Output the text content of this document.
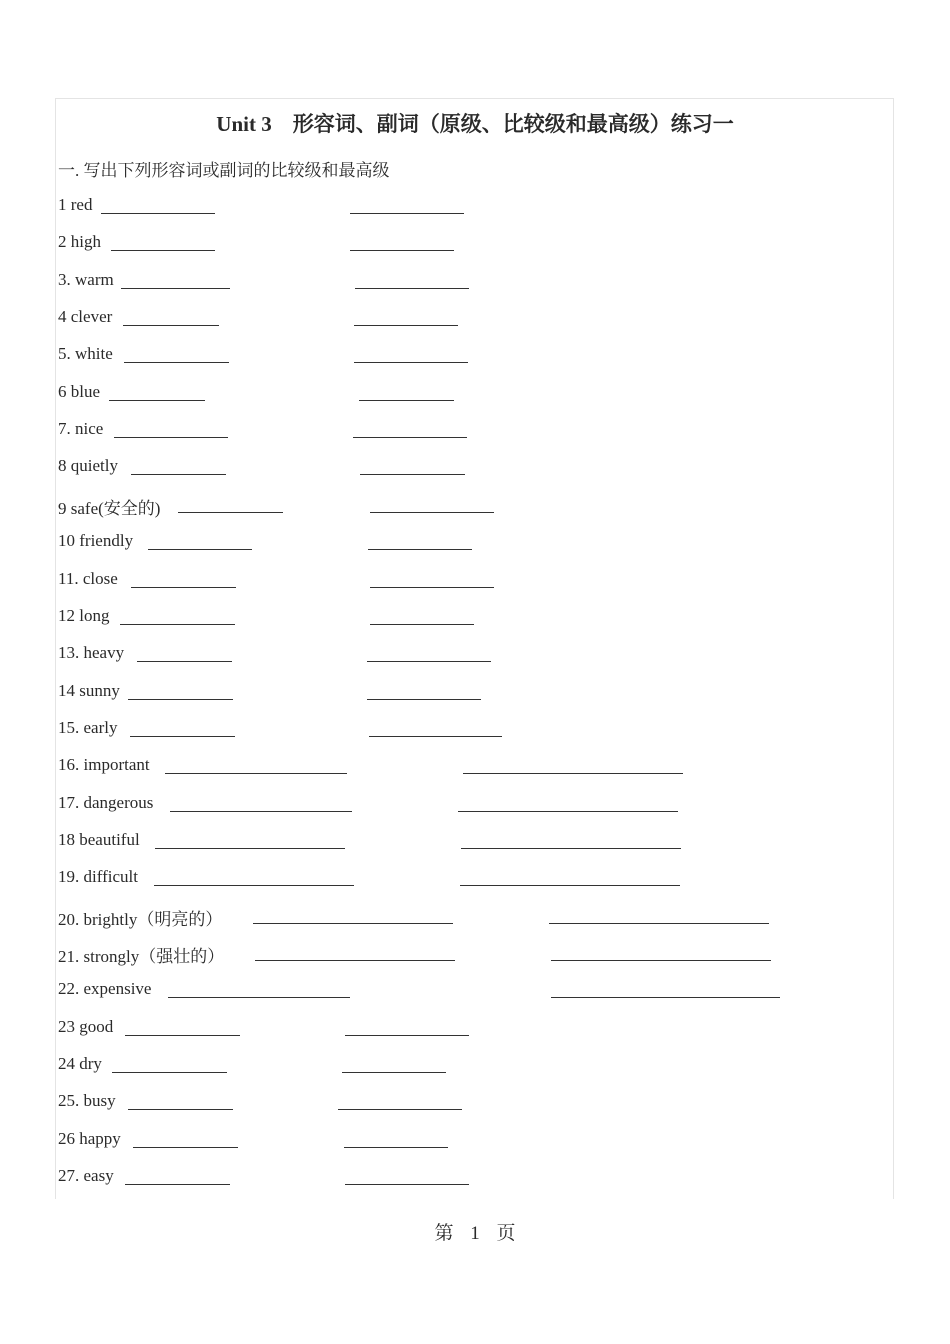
Unit 3　形容词、副词（原级、比较级和最高级）练习一
一. 写出下列形容词或副词的比较级和最高级
1 red
2 high
3. warm
4 clever
5. white
6 blue
7. nice
8 quietly
9 safe(安全的)
10 friendly
11. close
12 long
13. heavy
14 sunny
15. early
16. important
17. dangerous
18 beautiful
19. difficult
20. brightly（明亮的）
21. strongly（强壮的）
22. expensive
23 good
24 dry
25. busy
26 happy
27. easy
第 1 页
